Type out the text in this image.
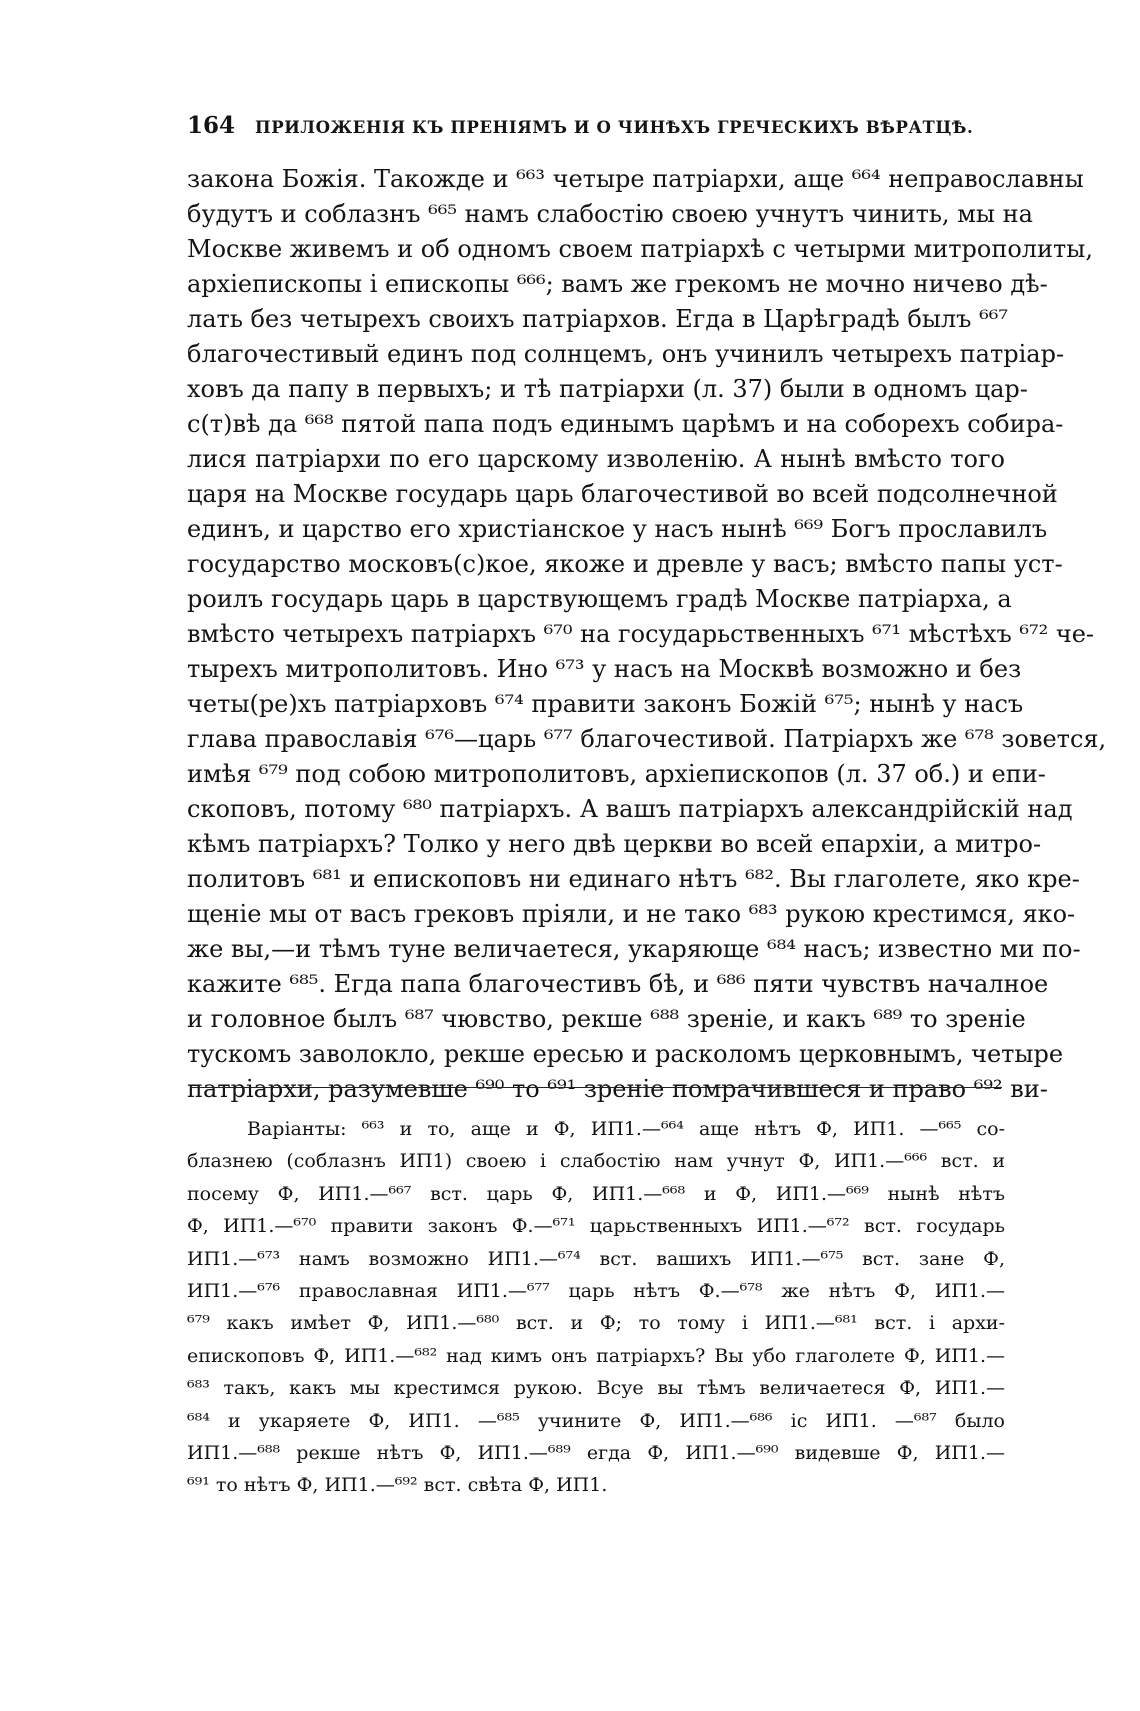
164 ПРИЛОЖЕНІЯ КЪ ПРЕНІЯМЪ И О ЧИНѢХЪ ГРЕЧЕСКИХЪ ВѢРАТЦѢ.
закона Божія. Такожде и ⁶⁶³ четыре патріархи, аще ⁶⁶⁴ неправославны
будутъ и соблазнъ ⁶⁶⁵ намъ слабостію своею учнутъ чинить, мы на
Москве живемъ и об одномъ своем патріархѣ с четырми митрополиты,
архіепископы і епископы ⁶⁶⁶; вамъ же грекомъ не мочно ничево дѣ-
лать без четырехъ своихъ патріархов. Егда в Царѣградѣ былъ ⁶⁶⁷
благочестивый единъ под солнцемъ, онъ учинилъ четырехъ патріар-
ховъ да папу в первыхъ; и тѣ патріархи (л. 37) были в одномъ цар-
с(т)вѣ да ⁶⁶⁸ пятой папа подъ единымъ царѣмъ и на соборехъ собира-
лися патріархи по его царскому изволенію. А нынѣ вмѣсто того
царя на Москве государь царь благочестивой во всей подсолнечной
единъ, и царство его христіанское у насъ нынѣ ⁶⁶⁹ Богъ прославилъ
государство московъ(с)кое, якоже и древле у васъ; вмѣсто папы уст-
роилъ государь царь в царствующемъ градѣ Москве патріарха, а
вмѣсто четырехъ патріархъ ⁶⁷⁰ на государьственныхъ ⁶⁷¹ мѣстѣхъ ⁶⁷² че-
тырехъ митрополитовъ. Ино ⁶⁷³ у насъ на Москвѣ возможно и без
четы(ре)хъ патріарховъ ⁶⁷⁴ правити законъ Божій ⁶⁷⁵; нынѣ у насъ
глава православія ⁶⁷⁶—царь ⁶⁷⁷ благочестивой. Патріархъ же ⁶⁷⁸ зовется,
имѣя ⁶⁷⁹ под собою митрополитовъ, архіепископов (л. 37 об.) и епи-
скоповъ, потому ⁶⁸⁰ патріархъ. А вашъ патріархъ александрійскій над
кѣмъ патріархъ? Толко у него двѣ церкви во всей епархіи, а митро-
политовъ ⁶⁸¹ и епископовъ ни единаго нѣтъ ⁶⁸². Вы глаголете, яко кре-
щеніе мы от васъ грековъ пріяли, и не тако ⁶⁸³ рукою крестимся, яко-
же вы,—и тѣмъ туне величаетеся, укаряюще ⁶⁸⁴ насъ; известно ми по-
кажите ⁶⁸⁵. Егда папа благочестивъ бѣ, и ⁶⁸⁶ пяти чувствъ началное
и головное былъ ⁶⁸⁷ чювство, рекше ⁶⁸⁸ зреніе, и какъ ⁶⁸⁹ то зреніе
тускомъ заволокло, рекше ересью и расколомъ церковнымъ, четыре
патріархи, разумевше ⁶⁹⁰ то ⁶⁹¹ зреніе помрачившеся и право ⁶⁹² ви-
Варіанты: ⁶⁶³ и то, аще и Ф, ИП1.—⁶⁶⁴ аще нѣтъ Ф, ИП1. —⁶⁶⁵ со-
блазнею (соблазнъ ИП1) своею і слабостію нам учнут Ф, ИП1.—⁶⁶⁶ вст. и
посему Ф, ИП1.—⁶⁶⁷ вст. царь Ф, ИП1.—⁶⁶⁸ и Ф, ИП1.—⁶⁶⁹ нынѣ нѣтъ
Ф, ИП1.—⁶⁷⁰ правити законъ Ф.—⁶⁷¹ царьственныхъ ИП1.—⁶⁷² вст. государь
ИП1.—⁶⁷³ намъ возможно ИП1.—⁶⁷⁴ вст. вашихъ ИП1.—⁶⁷⁵ вст. зане Ф,
ИП1.—⁶⁷⁶ православная ИП1.—⁶⁷⁷ царь нѣтъ Ф.—⁶⁷⁸ же нѣтъ Ф, ИП1.—
⁶⁷⁹ какъ имѣет Ф, ИП1.—⁶⁸⁰ вст. и Ф; то тому і ИП1.—⁶⁸¹ вст. і архи-
епископовъ Ф, ИП1.—⁶⁸² над кимъ онъ патріархъ? Вы убо глаголете Ф, ИП1.—
⁶⁸³ такъ, какъ мы крестимся рукою. Всуе вы тѣмъ величаетеся Ф, ИП1.—
⁶⁸⁴ и укаряете Ф, ИП1. —⁶⁸⁵ учините Ф, ИП1.—⁶⁸⁶ іс ИП1. —⁶⁸⁷ было
ИП1.—⁶⁸⁸ рекше нѣтъ Ф, ИП1.—⁶⁸⁹ егда Ф, ИП1.—⁶⁹⁰ видевше Ф, ИП1.—
⁶⁹¹ то нѣтъ Ф, ИП1.—⁶⁹² вст. свѣта Ф, ИП1.
